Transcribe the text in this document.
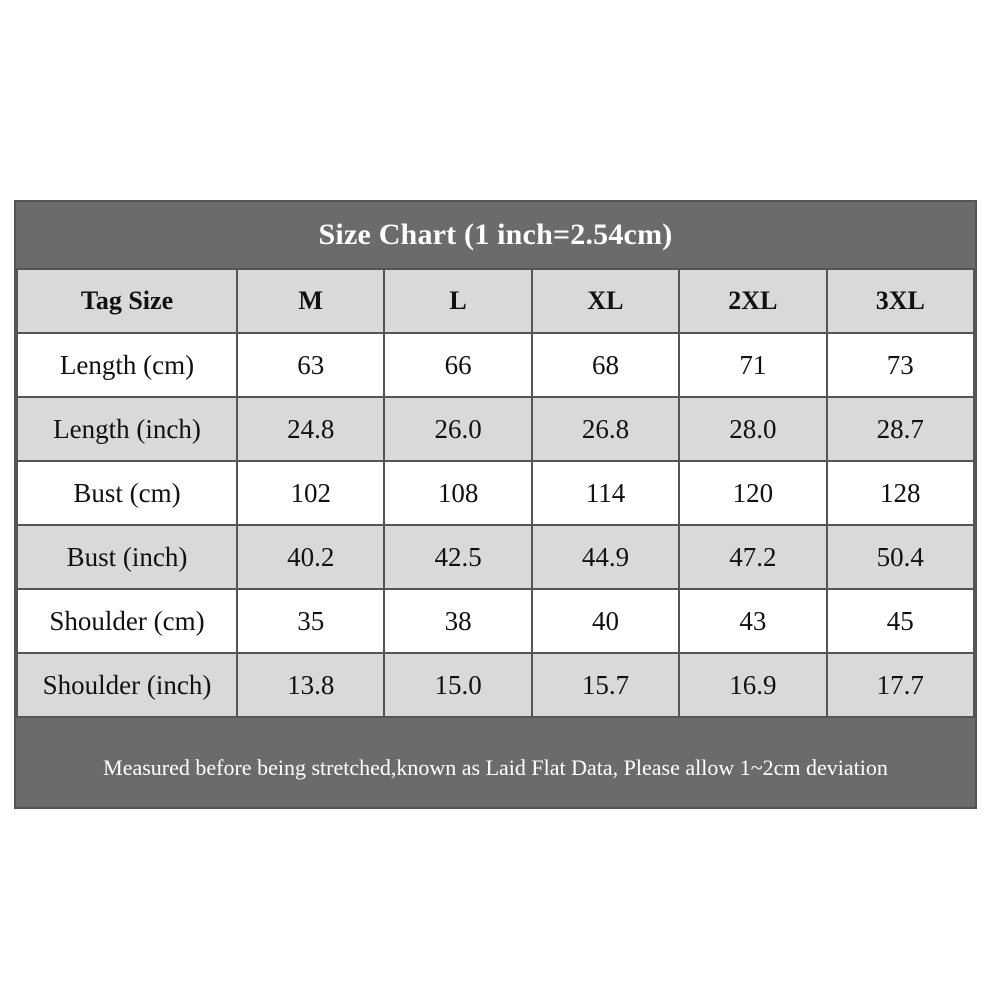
Size Chart (1 inch=2.54cm)
Tag Size	M	L	XL	2XL	3XL
Length (cm)	63	66	68	71	73
Length (inch)	24.8	26.0	26.8	28.0	28.7
Bust (cm)	102	108	114	120	128
Bust (inch)	40.2	42.5	44.9	47.2	50.4
Shoulder (cm)	35	38	40	43	45
Shoulder (inch)	13.8	15.0	15.7	16.9	17.7
Measured before being stretched,known as Laid Flat Data, Please allow 1~2cm deviation
